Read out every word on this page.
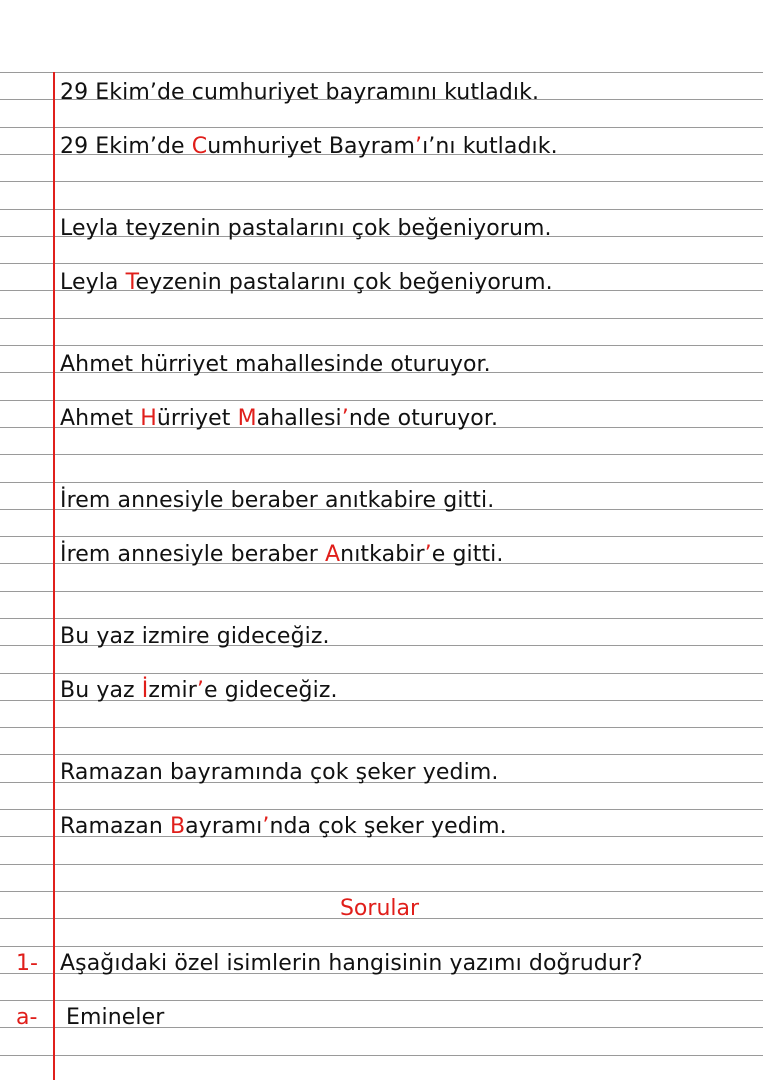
29 Ekim’de cumhuriyet bayramını kutladık.
29 Ekim’de Cumhuriyet Bayram’ı’nı kutladık.
Leyla teyzenin pastalarını çok beğeniyorum.
Leyla Teyzenin pastalarını çok beğeniyorum.
Ahmet hürriyet mahallesinde oturuyor.
Ahmet Hürriyet Mahallesi’nde oturuyor.
İrem annesiyle beraber anıtkabire gitti.
İrem annesiyle beraber Anıtkabir’e gitti.
Bu yaz izmire gideceğiz.
Bu yaz İzmir’e gideceğiz.
Ramazan bayramında çok şeker yedim.
Ramazan Bayramı’nda çok şeker yedim.
Sorular
1- Aşağıdaki özel isimlerin hangisinin yazımı doğrudur?
a- Emineler
